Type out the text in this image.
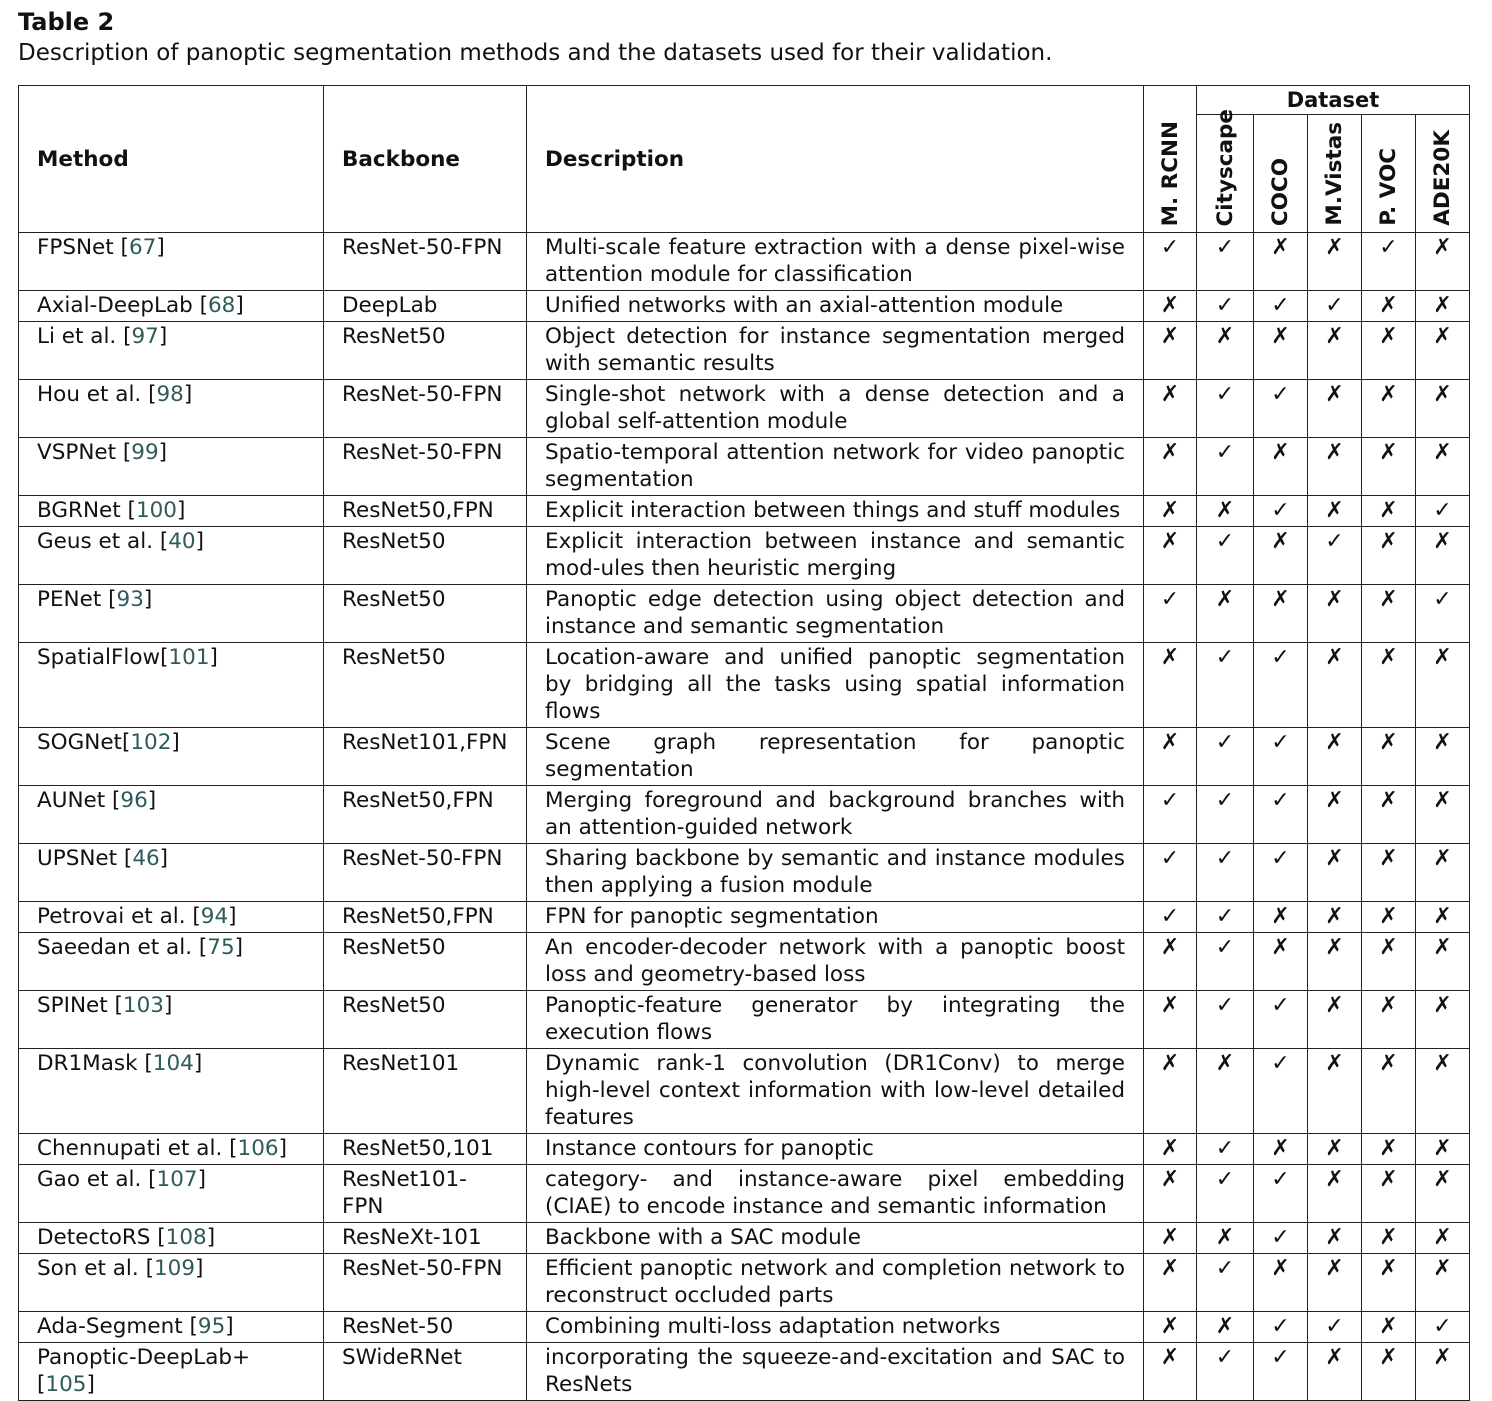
Table 2
Description of panoptic segmentation methods and the datasets used for their validation.
Method	Backbone	Description	M. RCNN	Dataset				

				Cityscape	COCO	M.Vistas	P. VOC	ADE20K

FPSNet [67]	ResNet-50-FPN	Multi-scale feature extraction with a dense pixel-wise attention module for classification	✓	✓	✗	✗	✓	✗
Axial-DeepLab [68]	DeepLab	Unified networks with an axial-attention module	✗	✓	✓	✓	✗	✗
Li et al. [97]	ResNet50	Object detection for instance segmentation merged with semantic results	✗	✗	✗	✗	✗	✗
Hou et al. [98]	ResNet-50-FPN	Single-shot network with a dense detection and a global self-attention module	✗	✓	✓	✗	✗	✗
VSPNet [99]	ResNet-50-FPN	Spatio-temporal attention network for video panoptic segmentation	✗	✓	✗	✗	✗	✗
BGRNet [100]	ResNet50,FPN	Explicit interaction between things and stuff modules	✗	✗	✓	✗	✗	✓
Geus et al. [40]	ResNet50	Explicit interaction between instance and semantic mod-ules then heuristic merging	✗	✓	✗	✓	✗	✗
PENet [93]	ResNet50	Panoptic edge detection using object detection and instance and semantic segmentation	✓	✗	✗	✗	✗	✓
SpatialFlow[101]	ResNet50	Location-aware and unified panoptic segmentation by bridging all the tasks using spatial information flows	✗	✓	✓	✗	✗	✗
SOGNet[102]	ResNet101,FPN	Scene graph representation for panoptic segmentation	✗	✓	✓	✗	✗	✗
AUNet [96]	ResNet50,FPN	Merging foreground and background branches with an attention-guided network	✓	✓	✓	✗	✗	✗
UPSNet [46]	ResNet-50-FPN	Sharing backbone by semantic and instance modules then applying a fusion module	✓	✓	✓	✗	✗	✗
Petrovai et al. [94]	ResNet50,FPN	FPN for panoptic segmentation	✓	✓	✗	✗	✗	✗
Saeedan et al. [75]	ResNet50	An encoder-decoder network with a panoptic boost loss and geometry-based loss	✗	✓	✗	✗	✗	✗
SPINet [103]	ResNet50	Panoptic-feature generator by integrating the execution flows	✗	✓	✓	✗	✗	✗
DR1Mask [104]	ResNet101	Dynamic rank-1 convolution (DR1Conv) to merge high-level context information with low-level detailed features	✗	✗	✓	✗	✗	✗
Chennupati et al. [106]	ResNet50,101	Instance contours for panoptic	✗	✓	✗	✗	✗	✗
Gao et al. [107]	ResNet101-FPN	category- and instance-aware pixel embedding (CIAE) to encode instance and semantic information	✗	✓	✓	✗	✗	✗
DetectoRS [108]	ResNeXt-101	Backbone with a SAC module	✗	✗	✓	✗	✗	✗
Son et al. [109]	ResNet-50-FPN	Efficient panoptic network and completion network to reconstruct occluded parts	✗	✓	✗	✗	✗	✗
Ada-Segment [95]	ResNet-50	Combining multi-loss adaptation networks	✗	✗	✓	✓	✗	✓
Panoptic-DeepLab+ [105]	SWideRNet	incorporating the squeeze-and-excitation and SAC to ResNets	✗	✓	✓	✗	✗	✗
